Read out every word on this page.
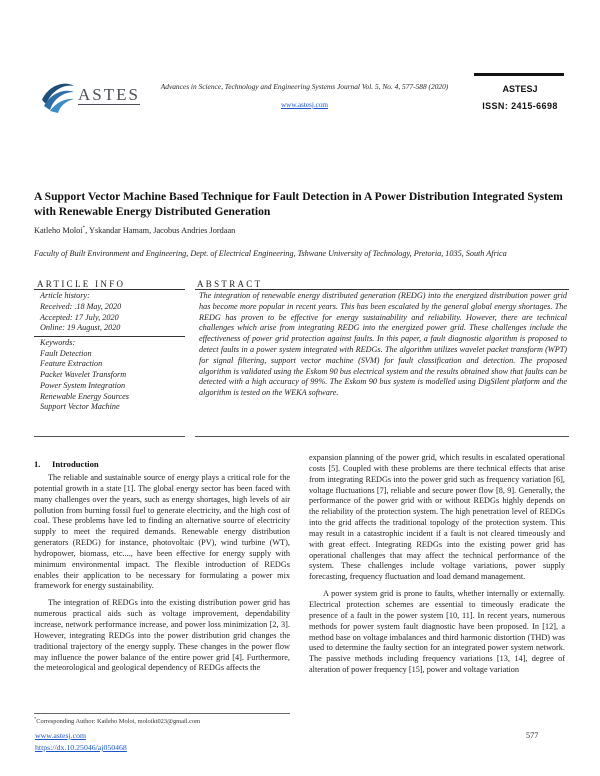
ASTES	Advances in Science, Technology and Engineering Systems Journal Vol. 5, No. 4, 577-588 (2020)
www.astesj.com
ASTESJ
ISSN: 2415-6698
A Support Vector Machine Based Technique for Fault Detection in A Power Distribution Integrated System with Renewable Energy Distributed Generation
Katleho Moloi*, Yskandar Hamam, Jacobus Andries Jordaan
Faculty of Built Environment and Engineering, Dept. of Electrical Engineering, Tshwane University of Technology, Pretoria, 1035, South Africa
ARTICLE INFO
Article history:
Received: .18 May, 2020
Accepted: 17 July, 2020
Online: 19 August, 2020
Keywords:
Fault Detection
Feature Extraction
Packet Wavelet Transform
Power System Integration
Renewable Energy Sources
Support Vector Machine
ABSTRACT
The integration of renewable energy distributed generation (REDG) into the energized distribution power grid has become more popular in recent years. This has been escalated by the general global energy shortages. The REDG has proven to be effective for energy sustainability and reliability. However, there are technical challenges which arise from integrating REDG into the energized power grid. These challenges include the effectiveness of power grid protection against faults. In this paper, a fault diagnostic algorithm is proposed to detect faults in a power system integrated with REDGs. The algorithm utilizes wavelet packet transform (WPT) for signal filtering, support vector machine (SVM) for fault classification and detection. The proposed algorithm is validated using the Eskom 90 bus electrical system and the results obtained show that faults can be detected with a high accuracy of 99%. The Eskom 90 bus system is modelled using DigSilent platform and the algorithm is tested on the WEKA software.
1. Introduction

The reliable and sustainable source of energy plays a critical role for the potential growth in a state [1]. The global energy sector has been faced with many challenges over the years, such as energy shortages, high levels of air pollution from burning fossil fuel to generate electricity, and the high cost of coal. These problems have led to finding an alternative source of electricity supply to meet the required demands. Renewable energy distribution generators (REDG) for instance, photovoltaic (PV), wind turbine (WT), hydropower, biomass, etc...., have been effective for energy supply with minimum environmental impact. The flexible introduction of REDGs enables their application to be necessary for formulating a power mix framework for energy sustainability.

The integration of REDGs into the existing distribution power grid has numerous practical aids such as voltage improvement, dependability increase, network performance increase, and power loss minimization [2, 3]. However, integrating REDGs into the power distribution grid changes the traditional trajectory of the energy supply. These changes in the power flow may influence the power balance of the entire power grid [4]. Furthermore, the meteorological and geological dependency of REDGs affects the

expansion planning of the power grid, which results in escalated operational costs [5]. Coupled with these problems are there technical effects that arise from integrating REDGs into the power grid such as frequency variation [6], voltage fluctuations [7], reliable and secure power flow [8, 9]. Generally, the performance of the power grid with or without REDGs highly depends on the reliability of the protection system. The high penetration level of REDGs into the grid affects the traditional topology of the protection system. This may result in a catastrophic incident if a fault is not cleared timeously and with great effect. Integrating REDGs into the existing power grid has operational challenges that may affect the technical performance of the system. These challenges include voltage variations, power supply forecasting, frequency fluctuation and load demand management.

A power system grid is prone to faults, whether internally or externally. Electrical protection schemes are essential to timeously eradicate the presence of a fault in the power system [10, 11]. In recent years, numerous methods for power system fault diagnostic have been proposed. In [12], a method base on voltage imbalances and third harmonic distortion (THD) was used to determine the faulty section for an integrated power system network. The passive methods including frequency variations [13, 14], degree of alteration of power frequency [15], power and voltage variation

*Corresponding Author: Katleho Moloi, moloikt023@gmail.com
www.astesj.com
https://dx.10.25046/aj050468
577
